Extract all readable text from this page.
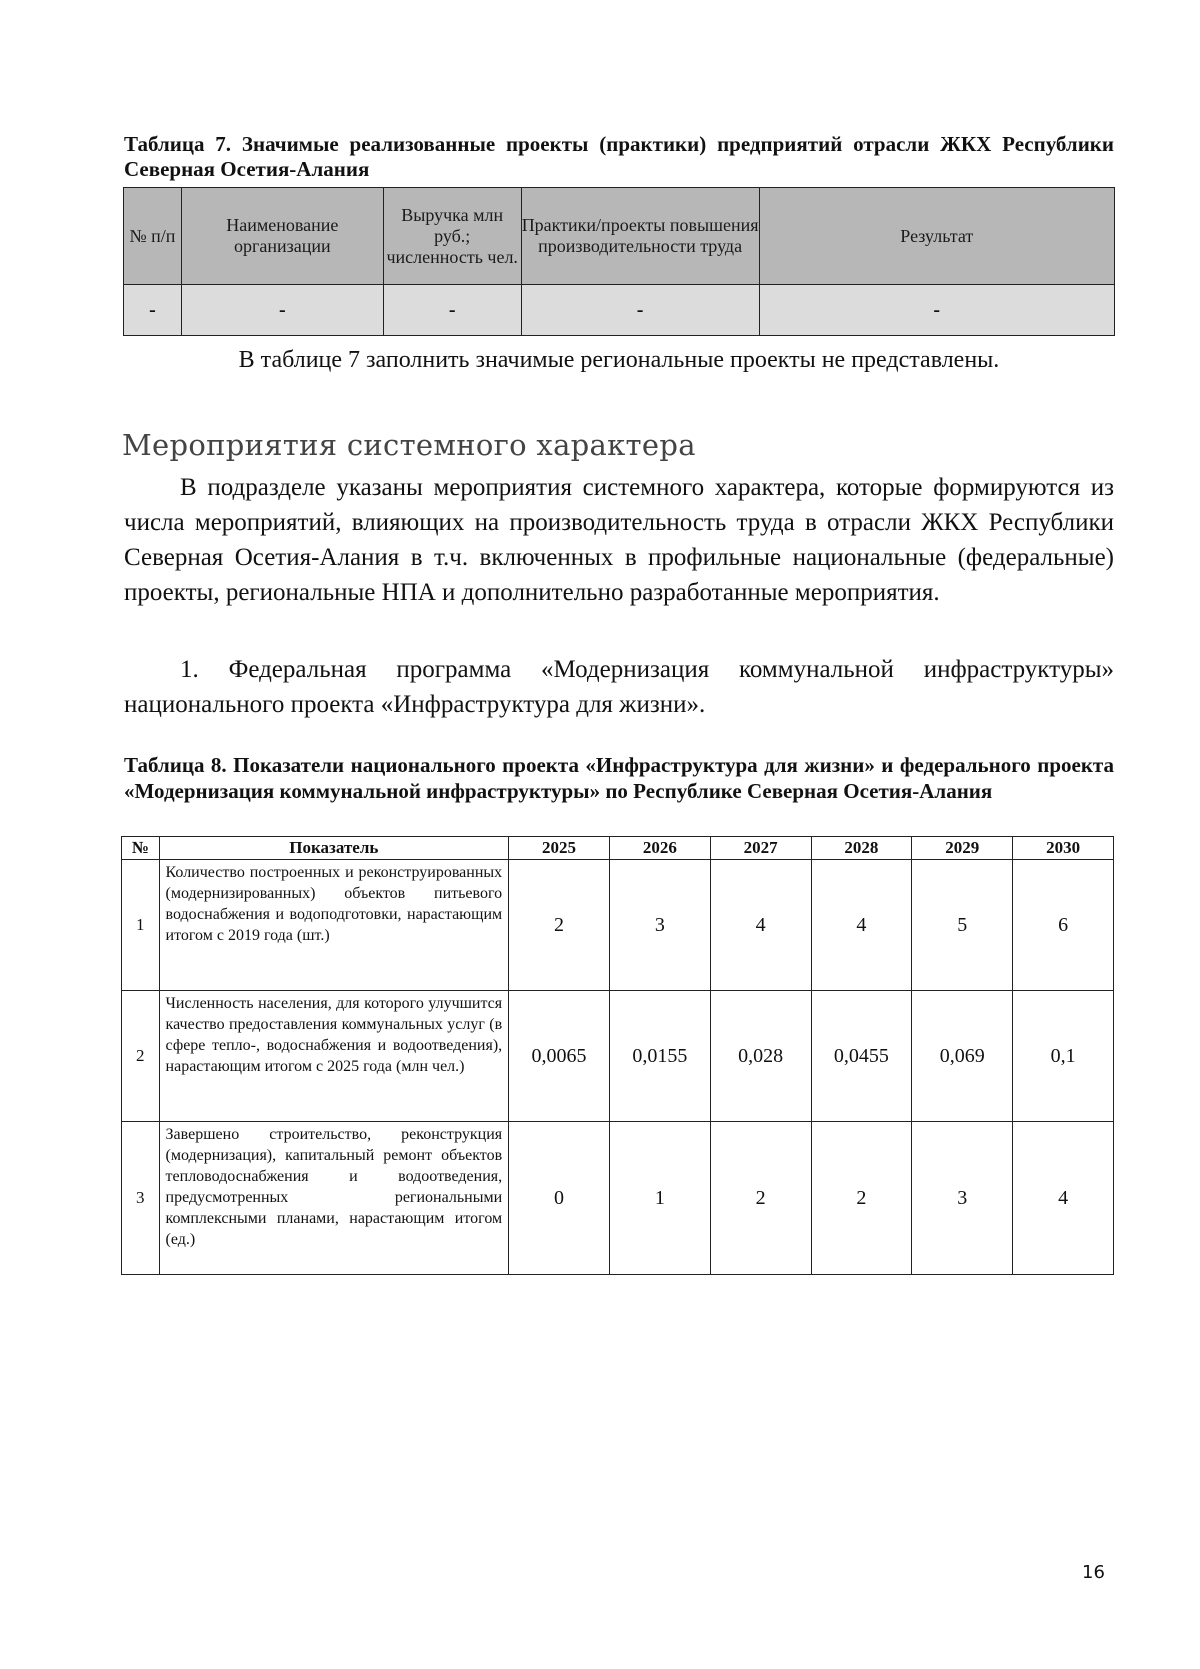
Таблица 7. Значимые реализованные проекты (практики) предприятий отрасли ЖКХ Республики Северная Осетия-Алания
№ п/п	Наименование организации	Выручка млн руб.; численность чел.	Практики/проекты повышения производительности труда	Результат
-	-	-	-	-
В таблице 7 заполнить значимые региональные проекты не представлены.
Мероприятия системного характера
В подразделе указаны мероприятия системного характера, которые формируются из числа мероприятий, влияющих на производительность труда в отрасли ЖКХ Республики Северная Осетия-Алания в т.ч. включенных в профильные национальные (федеральные) проекты, региональные НПА и дополнительно разработанные мероприятия.
1. Федеральная программа «Модернизация коммунальной инфраструктуры» национального проекта «Инфраструктура для жизни».
Таблица 8. Показатели национального проекта «Инфраструктура для жизни» и федерального проекта «Модернизация коммунальной инфраструктуры» по Республике Северная Осетия-Алания
№	Показатель	2025	2026	2027	2028	2029	2030
1	Количество построенных и реконструированных (модернизированных) объектов питьевого водоснабжения и водоподготовки, нарастающим итогом с 2019 года (шт.)	2	3	4	4	5	6
2	Численность населения, для которого улучшится качество предоставления коммунальных услуг (в сфере тепло-, водоснабжения и водоотведения), нарастающим итогом с 2025 года (млн чел.)	0,0065	0,0155	0,028	0,0455	0,069	0,1
3	Завершено строительство, реконструкция (модернизация), капитальный ремонт объектов тепловодоснабжения и водоотведения, предусмотренных региональными комплексными планами, нарастающим итогом (ед.)	0	1	2	2	3	4
16
